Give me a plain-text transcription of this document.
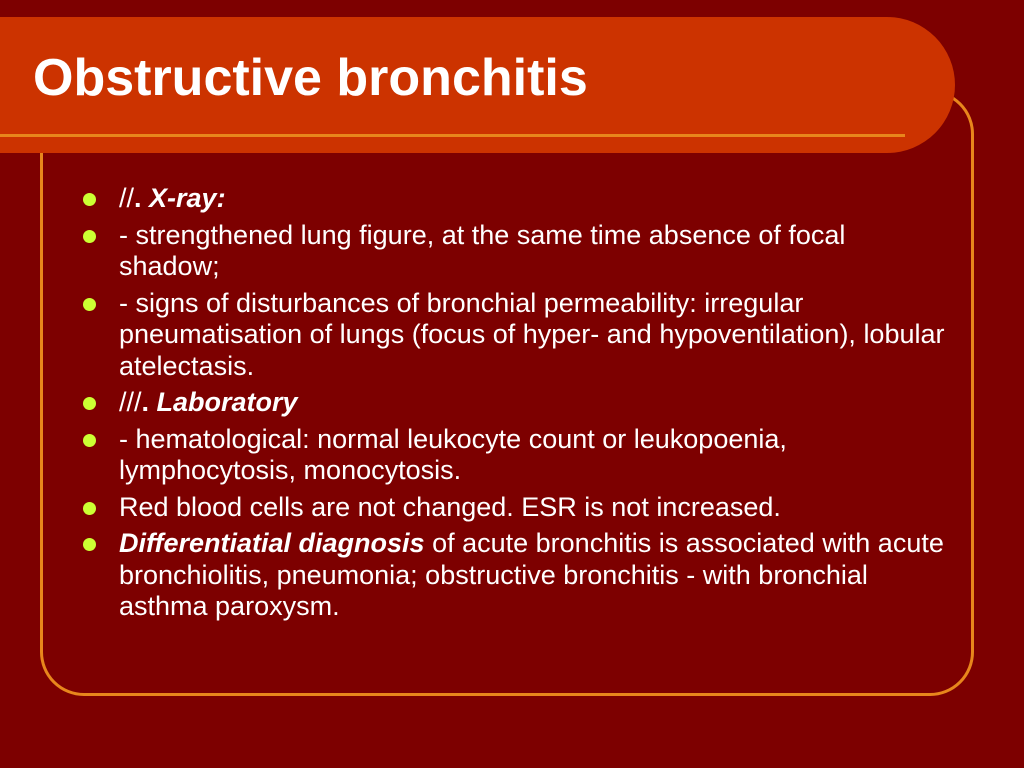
Obstructive bronchitis
//. X-ray:
- strengthened lung figure, at the same time absence of focal shadow;
- signs of disturbances of bronchial permeability: irregular pneumatisation of lungs (focus of hyper- and hypoventilation), lobular atelectasis.
///. Laboratory
- hematological: normal leukocyte count or leukopoenia, lymphocytosis, monocytosis.
Red blood cells are not changed. ESR is not increased.
Differentiatial diagnosis of acute bronchitis is associated with acute bronchiolitis, pneumonia; obstructive bronchitis - with bronchial asthma paroxysm.
